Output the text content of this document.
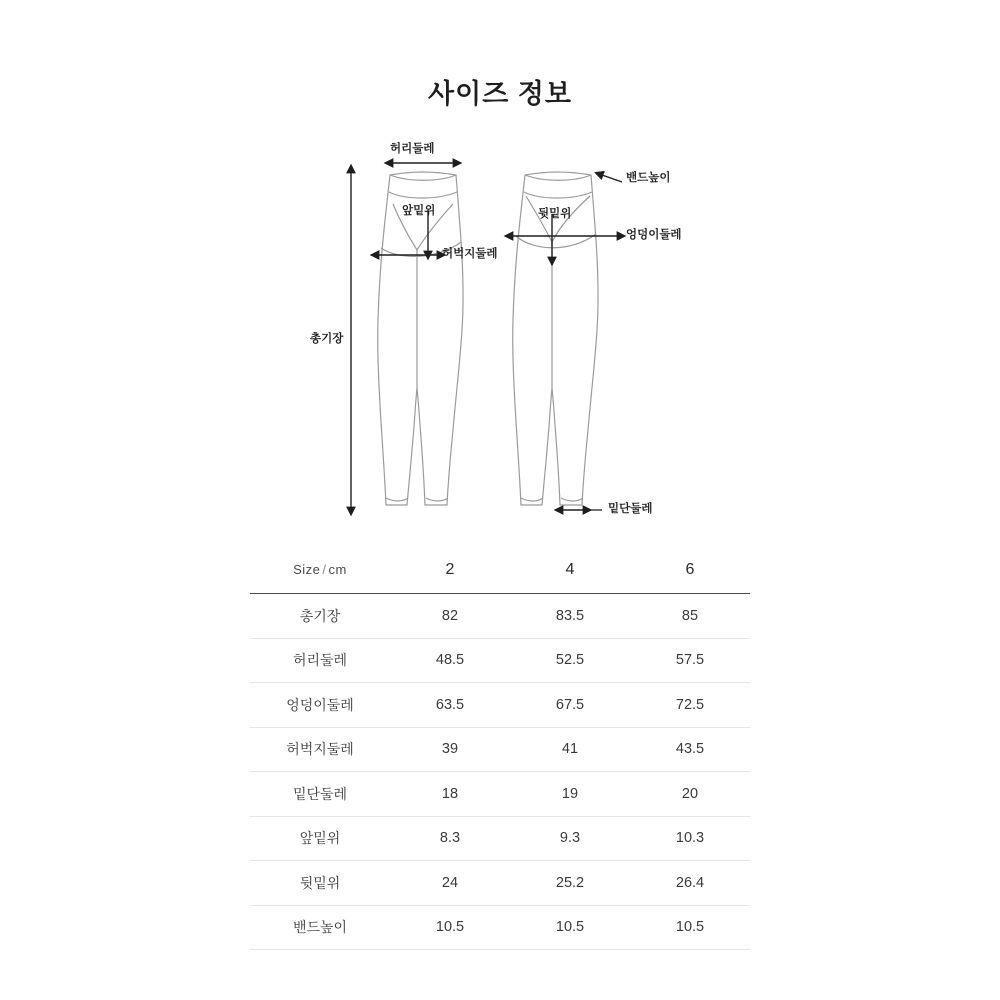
사이즈 정보
허리둘레
앞밑위
허벅지둘레
밴드높이
뒷밑위
엉덩이둘레
총기장
밑단둘레
Size / cm	2	4	6
총기장	82	83.5	85
허리둘레	48.5	52.5	57.5
엉덩이둘레	63.5	67.5	72.5
허벅지둘레	39	41	43.5
밑단둘레	18	19	20
앞밑위	8.3	9.3	10.3
뒷밑위	24	25.2	26.4
밴드높이	10.5	10.5	10.5
